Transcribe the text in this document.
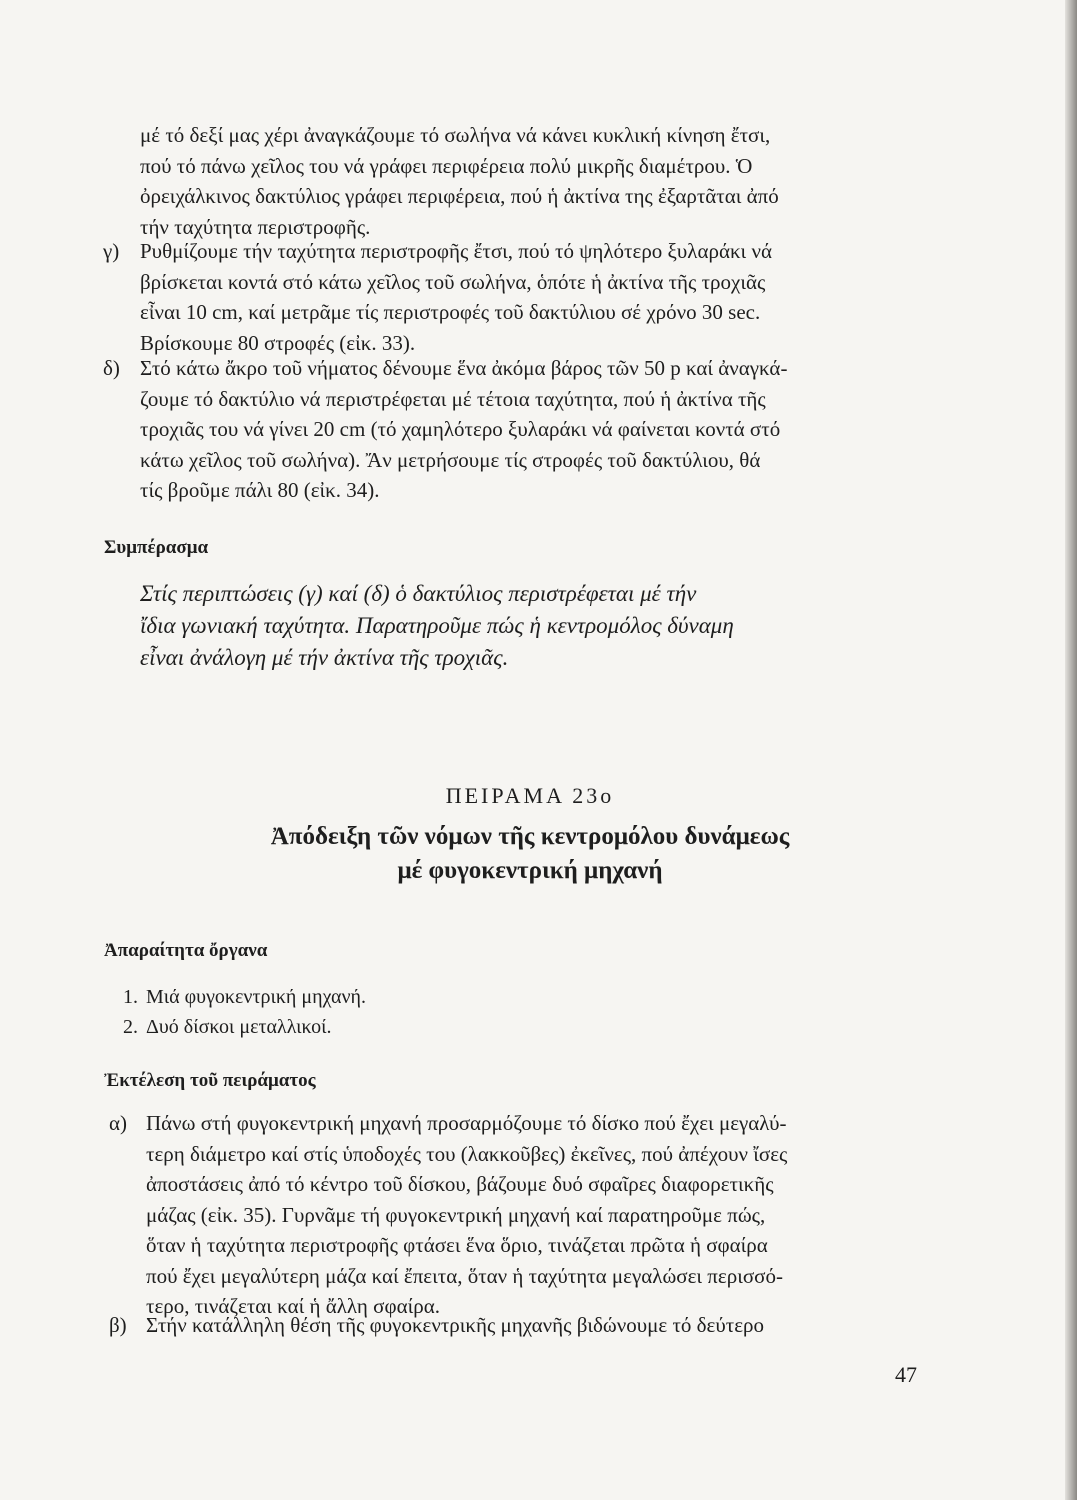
μέ τό δεξί μας χέρι ἀναγκάζουμε τό σωλήνα νά κάνει κυκλική κίνηση ἔτσι,
πού τό πάνω χεῖλος του νά γράφει περιφέρεια πολύ μικρῆς διαμέτρου. Ὁ
ὀρειχάλκινος δακτύλιος γράφει περιφέρεια, πού ἡ ἀκτίνα της ἐξαρτᾶται ἀπό
τήν ταχύτητα περιστροφῆς.
γ) Ρυθμίζουμε τήν ταχύτητα περιστροφῆς ἔτσι, πού τό ψηλότερο ξυλαράκι νά
βρίσκεται κοντά στό κάτω χεῖλος τοῦ σωλήνα, ὁπότε ἡ ἀκτίνα τῆς τροχιᾶς
εἶναι 10 cm, καί μετρᾶμε τίς περιστροφές τοῦ δακτύλιου σέ χρόνο 30 sec.
Βρίσκουμε 80 στροφές (εἰκ. 33).
δ) Στό κάτω ἄκρο τοῦ νήματος δένουμε ἕνα ἀκόμα βάρος τῶν 50 p καί ἀναγκά-
ζουμε τό δακτύλιο νά περιστρέφεται μέ τέτοια ταχύτητα, πού ἡ ἀκτίνα τῆς
τροχιᾶς του νά γίνει 20 cm (τό χαμηλότερο ξυλαράκι νά φαίνεται κοντά στό
κάτω χεῖλος τοῦ σωλήνα). Ἄν μετρήσουμε τίς στροφές τοῦ δακτύλιου, θά
τίς βροῦμε πάλι 80 (εἰκ. 34).
Συμπέρασμα
Στίς περιπτώσεις (γ) καί (δ) ὁ δακτύλιος περιστρέφεται μέ τήν
ἴδια γωνιακή ταχύτητα. Παρατηροῦμε πώς ἡ κεντρομόλος δύναμη
εἶναι ἀνάλογη μέ τήν ἀκτίνα τῆς τροχιᾶς.
ΠΕΙΡΑΜΑ 23ο
Ἀπόδειξη τῶν νόμων τῆς κεντρομόλου δυνάμεως
μέ φυγοκεντρική μηχανή
Ἀπαραίτητα ὄργανα
1. Μιά φυγοκεντρική μηχανή.
2. Δυό δίσκοι μεταλλικοί.
Ἐκτέλεση τοῦ πειράματος
α) Πάνω στή φυγοκεντρική μηχανή προσαρμόζουμε τό δίσκο πού ἔχει μεγαλύ-
τερη διάμετρο καί στίς ὑποδοχές του (λακκοῦβες) ἐκεῖνες, πού ἀπέχουν ἴσες
ἀποστάσεις ἀπό τό κέντρο τοῦ δίσκου, βάζουμε δυό σφαῖρες διαφορετικῆς
μάζας (εἰκ. 35). Γυρνᾶμε τή φυγοκεντρική μηχανή καί παρατηροῦμε πώς,
ὅταν ἡ ταχύτητα περιστροφῆς φτάσει ἕνα ὅριο, τινάζεται πρῶτα ἡ σφαίρα
πού ἔχει μεγαλύτερη μάζα καί ἔπειτα, ὅταν ἡ ταχύτητα μεγαλώσει περισσό-
τερο, τινάζεται καί ἡ ἄλλη σφαίρα.
β) Στήν κατάλληλη θέση τῆς φυγοκεντρικῆς μηχανῆς βιδώνουμε τό δεύτερο
47
